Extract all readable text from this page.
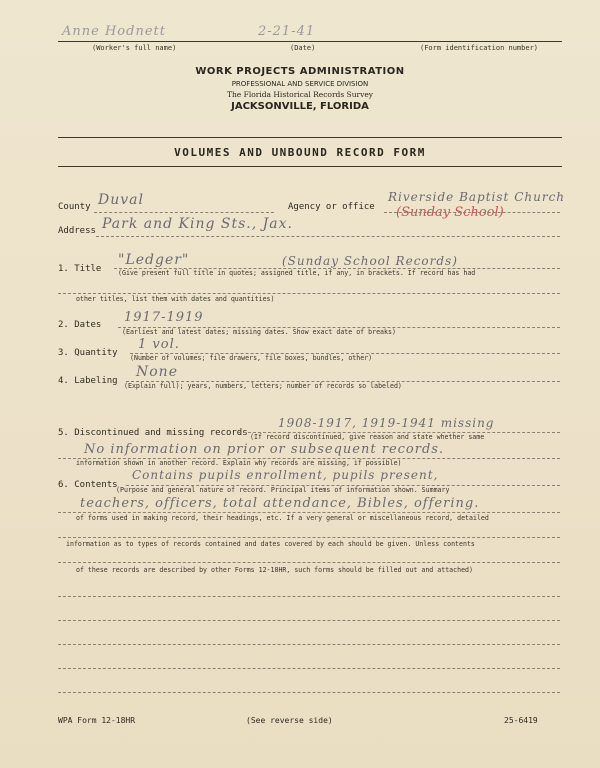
Anne Hodnett	2-21-41
(Worker's full name)	(Date)	(Form identification number)
WORK PROJECTS ADMINISTRATION
PROFESSIONAL AND SERVICE DIVISION
The Florida Historical Records Survey
JACKSONVILLE, FLORIDA
VOLUMES AND UNBOUND RECORD FORM
County Duval	Agency or office
Riverside Baptist Church
(Sunday School)
Address Park and King Sts., Jax.
1. Title
"Ledger"	(Sunday School Records)
(Give present full title in quotes; assigned title, if any, in brackets. If record has had
other titles, list them with dates and quantities)
2. Dates 1917-1919
(Earliest and latest dates; missing dates. Show exact date of breaks)
3. Quantity
1 vol.
(Number of volumes; file drawers, file boxes, bundles, other)
4. Labeling
None
(Explain full); years, numbers, letters; number of records so labeled)
5. Discontinued and missing records
1908-1917, 1919-1941 missing
(If record discontinued, give reason and state whether same
No information on prior or subsequent records.
information shown in another record. Explain why records are missing, if possible)
6. Contents
Contains pupils enrollment, pupils present,
(Purpose and general nature of record. Principal items of information shown. Summary
teachers, officers, total attendance, Bibles, offering.
of forms used in making record, their headings, etc. If a very general or miscellaneous record, detailed
information as to types of records contained and dates covered by each should be given. Unless contents
of these records are described by other Forms 12-18HR, such forms should be filled out and attached)
WPA Form 12-18HR	(See reverse side)	25-6419
